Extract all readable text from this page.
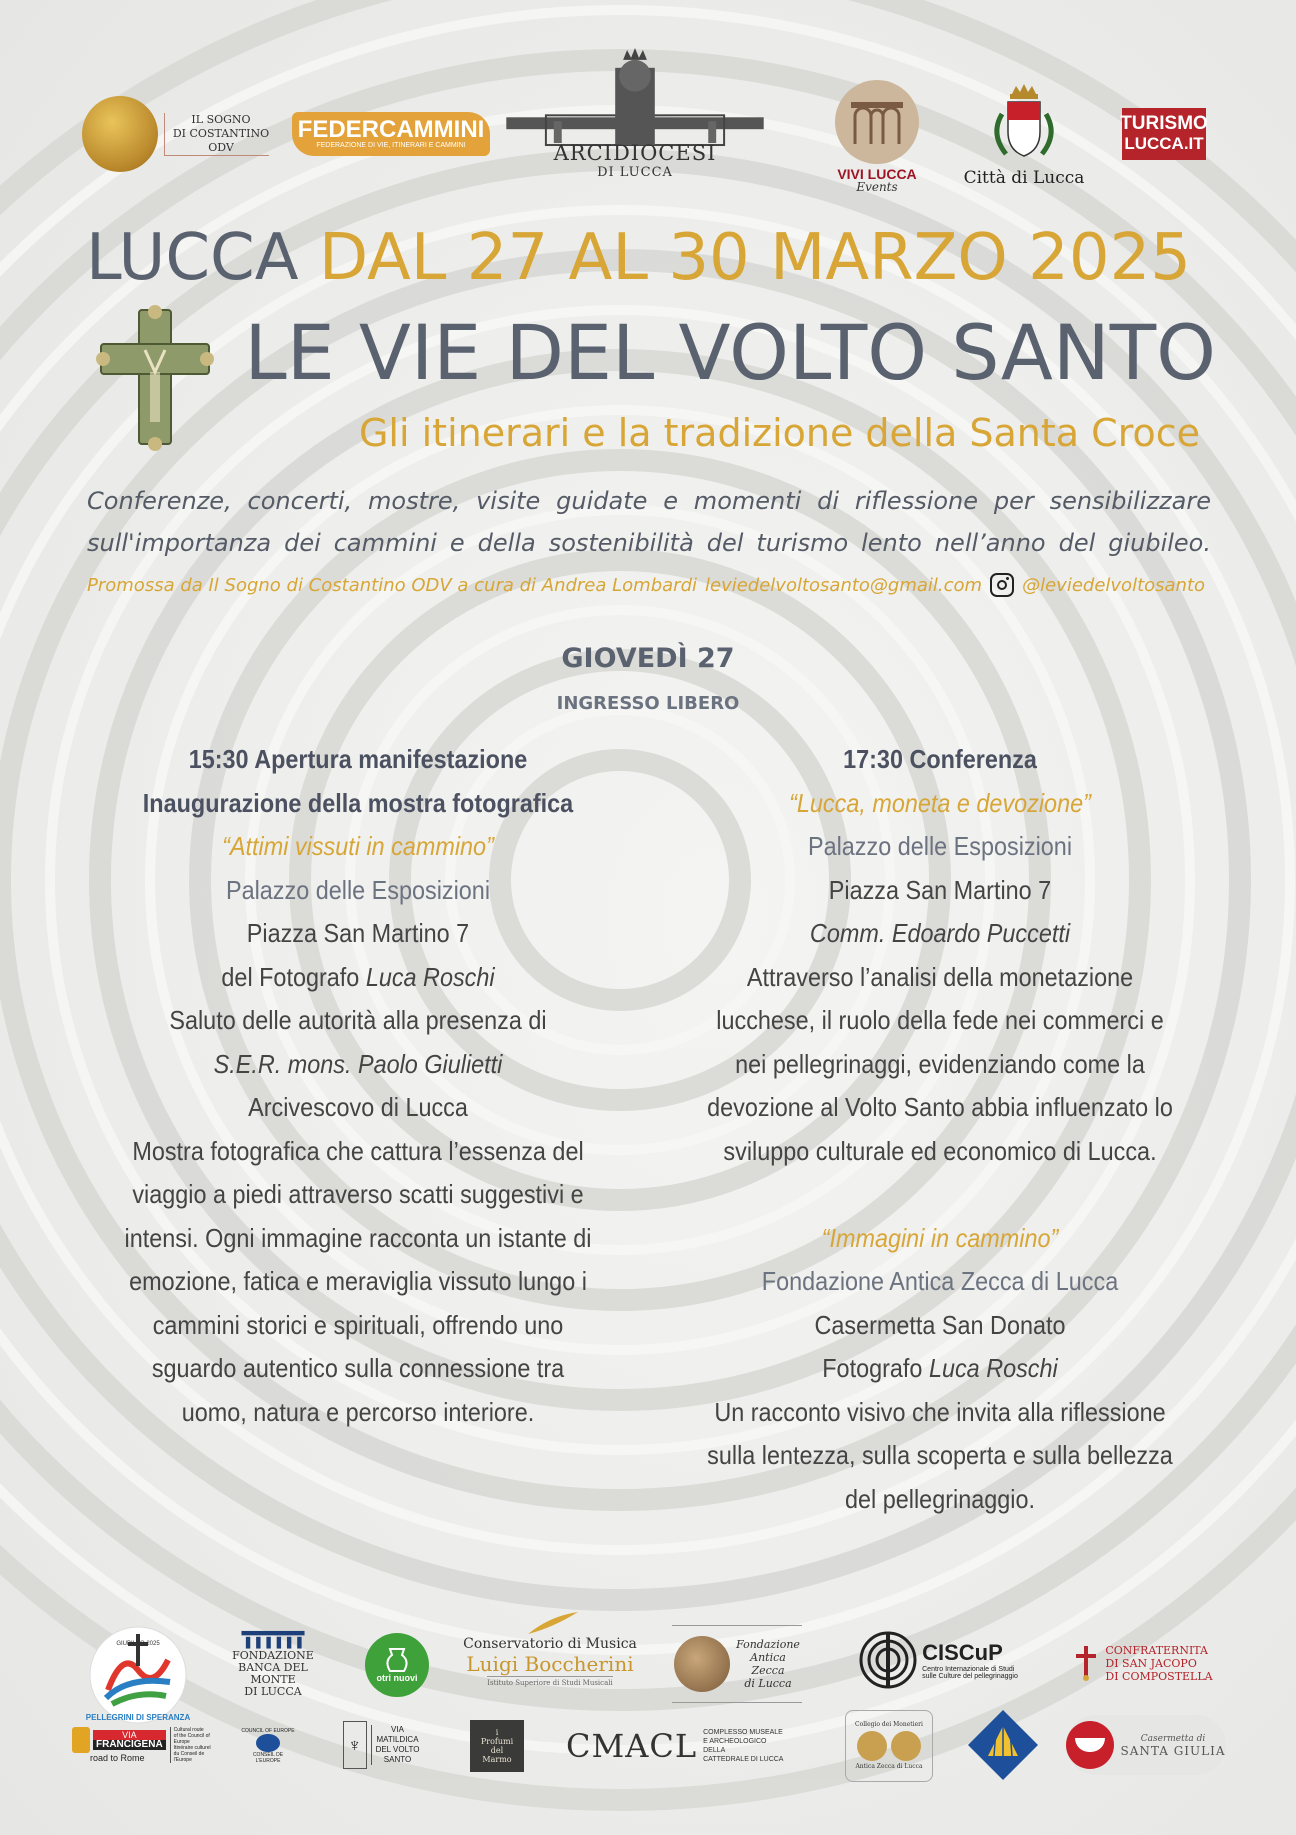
IL SOGNO
DI COSTANTINO
ODV
FEDERCAMMINI
FEDERAZIONE DI VIE, ITINERARI E CAMMINI	ARCIDIOCESI
DI LUCCA	VIVI LUCCA
Events	Città di Lucca
TURISMO
LUCCA.IT
LUCCA DAL 27 AL 30 MARZO 2025
LE VIE DEL VOLTO SANTO
Gli itinerari e la tradizione della Santa Croce

Conferenze, concerti, mostre, visite guidate e momenti di riflessione per sensibilizzare

sull'importanza dei cammini e della sostenibilità del turismo lento nell’anno del giubileo.

Promossa da Il Sogno di Costantino ODV a cura di Andrea Lombardi leviedelvoltosanto@gmail.com @leviedelvoltosanto
GIOVEDÌ 27
INGRESSO LIBERO
15:30 Apertura manifestazione
Inaugurazione della mostra fotografica
“Attimi vissuti in cammino”
Palazzo delle Esposizioni
Piazza San Martino 7
del Fotografo Luca Roschi
Saluto delle autorità alla presenza di
S.E.R. mons. Paolo Giulietti
Arcivescovo di Lucca
Mostra fotografica che cattura l’essenza del
viaggio a piedi attraverso scatti suggestivi e
intensi. Ogni immagine racconta un istante di
emozione, fatica e meraviglia vissuto lungo i
cammini storici e spirituali, offrendo uno
sguardo autentico sulla connessione tra
uomo, natura e percorso interiore.
17:30 Conferenza
“Lucca, moneta e devozione”
Palazzo delle Esposizioni
Piazza San Martino 7
Comm. Edoardo Puccetti
Attraverso l’analisi della monetazione
lucchese, il ruolo della fede nei commerci e
nei pellegrinaggi, evidenziando come la
devozione al Volto Santo abbia influenzato lo
sviluppo culturale ed economico di Lucca.
“Immagini in cammino”
Fondazione Antica Zecca di Lucca
Casermetta San Donato
Fotografo Luca Roschi
Un racconto visivo che invita alla riflessione
sulla lentezza, sulla scoperta e sulla bellezza
del pellegrinaggio.
GIUBILEO 2025
PELLEGRINI DI SPERANZA
FONDAZIONE
BANCA DEL MONTE
DI LUCCA
otri nuovi
Conservatorio di Musica
Luigi Boccherini
Istituto Superiore di Studi Musicali
Fondazione
Antica
Zecca
di Lucca
CISCuP
Centro Internazionale di Studi
sulle Culture del pellegrinaggio
CONFRATERNITA
DI SAN JACOPO
DI COMPOSTELLA
VIA
FRANCIGENA
road to Rome
Cultural route
of the Council of Europe
Itinéraire culturel
du Conseil de l'Europe
COUNCIL OF EUROPE
CONSEIL DE L'EUROPE
♆
VIA
MATILDICA
DEL VOLTO
SANTO
i
Profumi
del
Marmo CMACL COMPLESSO MUSEALE
E ARCHEOLOGICO DELLA
CATTEDRALE DI LUCCA
Collegio dei Monetieri
Antica Zecca di Lucca
Casermetta di
SANTA GIULIA
